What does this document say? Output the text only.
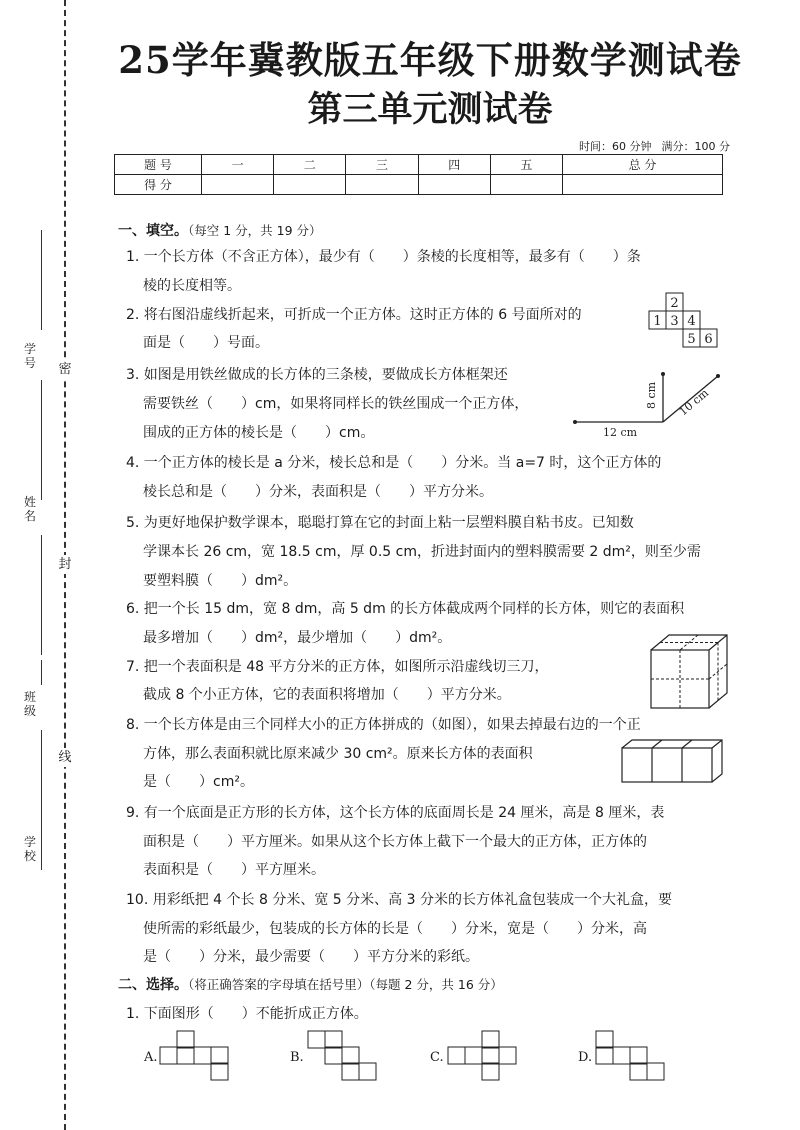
密
封
线
学号
姓名
班级
学校
25学年冀教版五年级下册数学测试卷
第三单元测试卷
时间：60 分钟 满分：100 分
题 号	一	二	三	四	五	总 分
得 分						
一、填空。（每空 1 分，共 19 分）
1. 一个长方体（不含正方体），最少有（　　）条棱的长度相等，最多有（　　）条
棱的长度相等。
2. 将右图沿虚线折起来，可折成一个正方体。这时正方体的 6 号面所对的
面是（　　）号面。
3. 如图是用铁丝做成的长方体的三条棱，要做成长方体框架还
需要铁丝（　　）cm，如果将同样长的铁丝围成一个正方体，
围成的正方体的棱长是（　　）cm。
4. 一个正方体的棱长是 a 分米，棱长总和是（　　）分米。当 a=7 时，这个正方体的
棱长总和是（　　）分米，表面积是（　　）平方分米。
5. 为更好地保护数学课本，聪聪打算在它的封面上粘一层塑料膜自粘书皮。已知数
学课本长 26 cm，宽 18.5 cm，厚 0.5 cm，折进封面内的塑料膜需要 2 dm²，则至少需
要塑料膜（　　）dm²。
6. 把一个长 15 dm，宽 8 dm，高 5 dm 的长方体截成两个同样的长方体，则它的表面积
最多增加（　　）dm²，最少增加（　　）dm²。
7. 把一个表面积是 48 平方分米的正方体，如图所示沿虚线切三刀，
截成 8 个小正方体，它的表面积将增加（　　）平方分米。
8. 一个长方体是由三个同样大小的正方体拼成的（如图），如果去掉最右边的一个正
方体，那么表面积就比原来减少 30 cm²。原来长方体的表面积
是（　　）cm²。
9. 有一个底面是正方形的长方体，这个长方体的底面周长是 24 厘米，高是 8 厘米，表
面积是（　　）平方厘米。如果从这个长方体上截下一个最大的正方体，正方体的
表面积是（　　）平方厘米。
10. 用彩纸把 4 个长 8 分米、宽 5 分米、高 3 分米的长方体礼盒包装成一个大礼盒，要
使所需的彩纸最少，包装成的长方体的长是（　　）分米，宽是（　　）分米，高
是（　　）分米，最少需要（　　）平方分米的彩纸。
二、选择。（将正确答案的字母填在括号里）（每题 2 分，共 16 分）
1. 下面图形（　　）不能折成正方体。
2
1 3 4
5 6
8 cm 10 cm
12 cm
A.	B.	C.	D.
